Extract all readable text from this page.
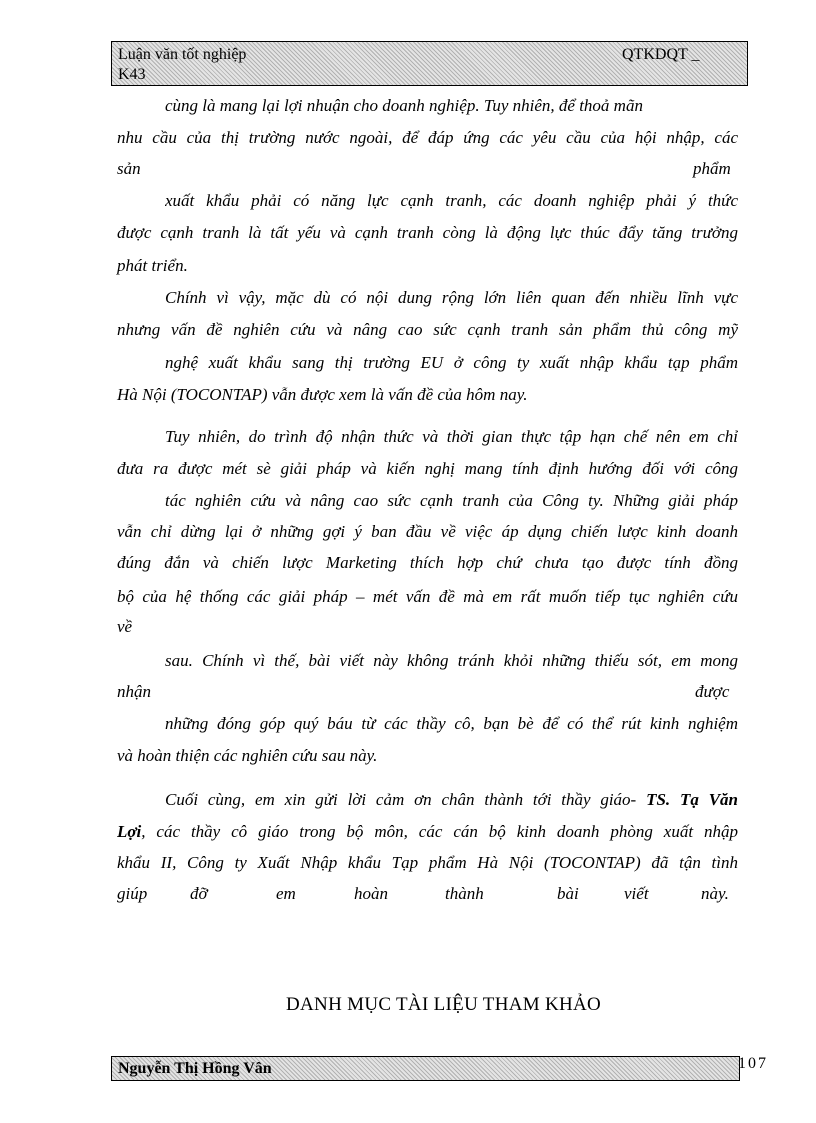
Luận văn tốt nghiệp	QTKDQT _
K43
cùng là mang lại lợi nhuận cho doanh nghiệp. Tuy nhiên, để thoả mãn
nhu cầu của thị trường nước ngoài, để đáp ứng các yêu cầu của hội nhập, các
sản	phẩm
xuất khẩu phải có năng lực cạnh tranh, các doanh nghiệp phải ý thức
được cạnh tranh là tất yếu và cạnh tranh còng là động lực thúc đẩy tăng trưởng
phát triển.
Chính vì vậy, mặc dù có nội dung rộng lớn liên quan đến nhiều lĩnh vực
nhưng vấn đề nghiên cứu và nâng cao sức cạnh tranh sản phẩm thủ công mỹ
nghệ xuất khẩu sang thị trường EU ở công ty xuất nhập khẩu tạp phẩm
Hà Nội (TOCONTAP) vẫn được xem là vấn đề của hôm nay.
Tuy nhiên, do trình độ nhận thức và thời gian thực tập hạn chế nên em chỉ
đưa ra được mét sè giải pháp và kiến nghị mang tính định hướng đối với công
tác nghiên cứu và nâng cao sức cạnh tranh của Công ty. Những giải pháp
vẫn chỉ dừng lại ở những gợi ý ban đầu về việc áp dụng chiến lược kinh doanh
đúng đắn và chiến lược Marketing thích hợp chứ chưa tạo được tính đồng
bộ của hệ thống các giải pháp – mét vấn đề mà em rất muốn tiếp tục nghiên cứu
về
sau. Chính vì thế, bài viết này không tránh khỏi những thiếu sót, em mong
nhận	được
những đóng góp quý báu từ các thầy cô, bạn bè để có thể rút kinh nghiệm
và hoàn thiện các nghiên cứu sau này.
Cuối cùng, em xin gửi lời cảm ơn chân thành tới thầy giáo- TS. Tạ Văn
Lợi, các thầy cô giáo trong bộ môn, các cán bộ kinh doanh phòng xuất nhập
khẩu II, Công ty Xuất Nhập khẩu Tạp phẩm Hà Nội (TOCONTAP) đã tận tình
giúp	đỡ	em	hoàn	thành	bài	viết	này.
DANH MỤC TÀI LIỆU THAM KHẢO
Nguyễn Thị Hồng Vân	107
